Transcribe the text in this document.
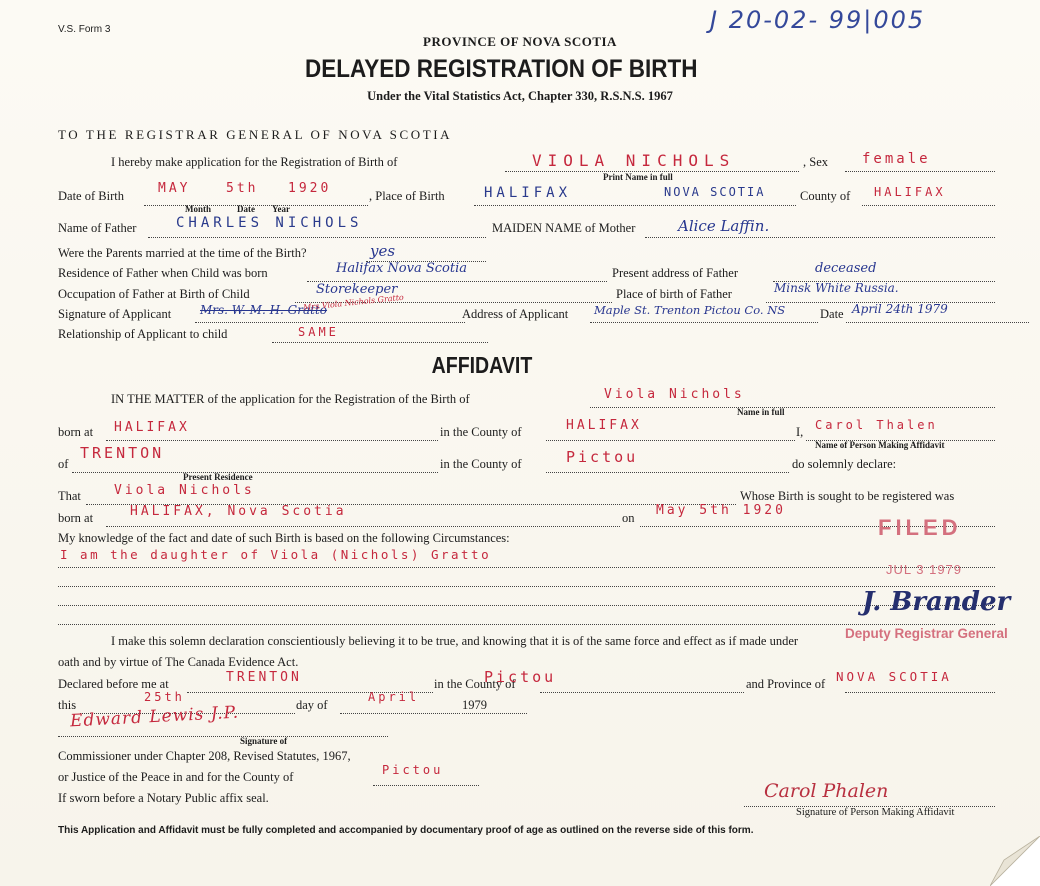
V.S. Form 3	J 20-02- 99|005
PROVINCE OF NOVA SCOTIA
DELAYED REGISTRATION OF BIRTH
Under the Vital Statistics Act, Chapter 330, R.S.N.S. 1967
TO THE REGISTRAR GENERAL OF NOVA SCOTIA
I hereby make application for the Registration of Birth of	VIOLA NICHOLS
Print Name in full
, Sex female
Date of Birth	MAY	5th 1920
Month	Date Year
, Place of Birth	HALIFAX	NOVA SCOTIA	County of HALIFAX
Name of Father	CHARLES NICHOLS	MAIDEN NAME of Mother	Alice Laffin.
Were the Parents married at the time of the Birth?	yes
Residence of Father when Child was born	Halifax Nova Scotia	Present address of Father	deceased
Occupation of Father at Birth of Child	Storekeeper	Place of birth of Father	Minsk White Russia.
Signature of Applicant Mrs. W. M. H. Gratto
Mrs Viola Nichols Gratto
Address of Applicant Maple St. Trenton Pictou Co. NS	Date April 24th 1979
Relationship of Applicant to child	SAME
AFFIDAVIT
IN THE MATTER of the application for the Registration of the Birth of	Viola Nichols
Name in full
born at HALIFAX	in the County of	HALIFAX	I, Carol Thalen
Name of Person Making Affidavit
of
TRENTON
Present Residence
in the County of	Pictou	do solemnly declare:
That	Viola Nichols	Whose Birth is sought to be registered was
born at	HALIFAX, Nova Scotia	on May 5th 1920
My knowledge of the fact and date of such Birth is based on the following Circumstances:
I am the daughter of Viola (Nichols) Gratto
FILED
JUL 3 1979
J. Brander
Deputy Registrar General
I make this solemn declaration conscientiously believing it to be true, and knowing that it is of the same force and effect as if made under
oath and by virtue of The Canada Evidence Act.
Declared before me at	TRENTON	in the County of
Pictou	and Province of NOVA SCOTIA
this
25th
day of
April
1979
Edward Lewis J.P.
Signature of
Commissioner under Chapter 208, Revised Statutes, 1967,
or Justice of the Peace in and for the County of	Pictou
If sworn before a Notary Public affix seal.	Carol Phalen
Signature of Person Making Affidavit
This Application and Affidavit must be fully completed and accompanied by documentary proof of age as outlined on the reverse side of this form.
